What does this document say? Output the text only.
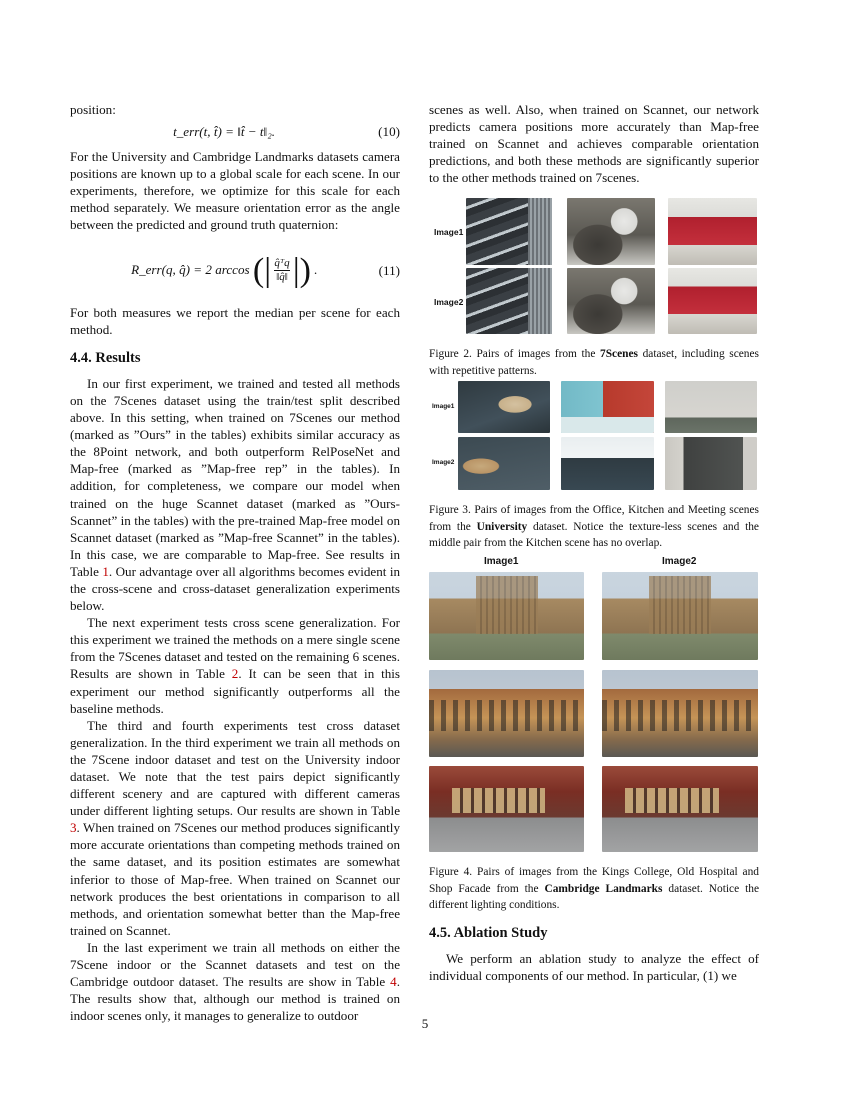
position:

t_err(t, t̂) = ‖t̂ − t‖₂.	(10)

For the University and Cambridge Landmarks datasets camera positions are known up to a global scale for each scene. In our experiments, therefore, we optimize for this scale for each method separately. We measure orientation error as the angle between the predicted and ground truth quaternion:

R_err(q, q̂) = 2 arccos (| $\frac{\text{q̂ᵀq}}{‖q̂‖}$ |) .	(11)

For both measures we report the median per scene for each method.

4.4. Results

In our first experiment, we trained and tested all methods on the 7Scenes dataset using the train/test split described above. In this setting, when trained on 7Scenes our method (marked as ”Ours” in the tables) exhibits similar accuracy as the 8Point network, and both outperform RelPoseNet and Map-free (marked as ”Map-free rep” in the tables). In addition, for completeness, we compare our model when trained on the huge Scannet dataset (marked as ”Ours-Scannet” in the tables) with the pre-trained Map-free model on Scannet dataset (marked as ”Map-free Scannet” in the tables). In this case, we are comparable to Map-free. See results in Table 1. Our advantage over all algorithms becomes evident in the cross-scene and cross-dataset generalization experiments below.

The next experiment tests cross scene generalization. For this experiment we trained the methods on a mere single scene from the 7Scenes dataset and tested on the remaining 6 scenes. Results are shown in Table 2. It can be seen that in this experiment our method significantly outperforms all the baseline methods.

The third and fourth experiments test cross dataset generalization. In the third experiment we train all methods on the 7Scene indoor dataset and test on the University indoor dataset. We note that the test pairs depict significantly different scenery and are captured with different cameras under different lighting setups. Our results are shown in Table 3. When trained on 7Scenes our method produces significantly more accurate orientations than competing methods trained on the same dataset, and its position estimates are somewhat inferior to those of Map-free. When trained on Scannet our network produces the best orientations in comparison to all methods, and orientation somewhat better than the Map-free trained on Scannet.

In the last experiment we train all methods on either the 7Scene indoor or the Scannet datasets and test on the Cambridge outdoor dataset. The results are show in Table 4. The results show that, although our method is trained on indoor scenes only, it manages to generalize to outdoor

scenes as well. Also, when trained on Scannet, our network predicts camera positions more accurately than Map-free trained on Scannet and achieves comparable orientation predictions, and both these methods are significantly superior to the other methods trained on 7scenes.

Image1
Image2
Figure 2. Pairs of images from the 7Scenes dataset, including scenes with repetitive patterns.
Image1
Image2
Figure 3. Pairs of images from the Office, Kitchen and Meeting scenes from the University dataset. Notice the texture-less scenes and the middle pair from the Kitchen scene has no overlap.
Image1	Image2
Figure 4. Pairs of images from the Kings College, Old Hospital and Shop Facade from the Cambridge Landmarks dataset. Notice the different lighting conditions.
4.5. Ablation Study

We perform an ablation study to analyze the effect of individual components of our method. In particular, (1) we

5
